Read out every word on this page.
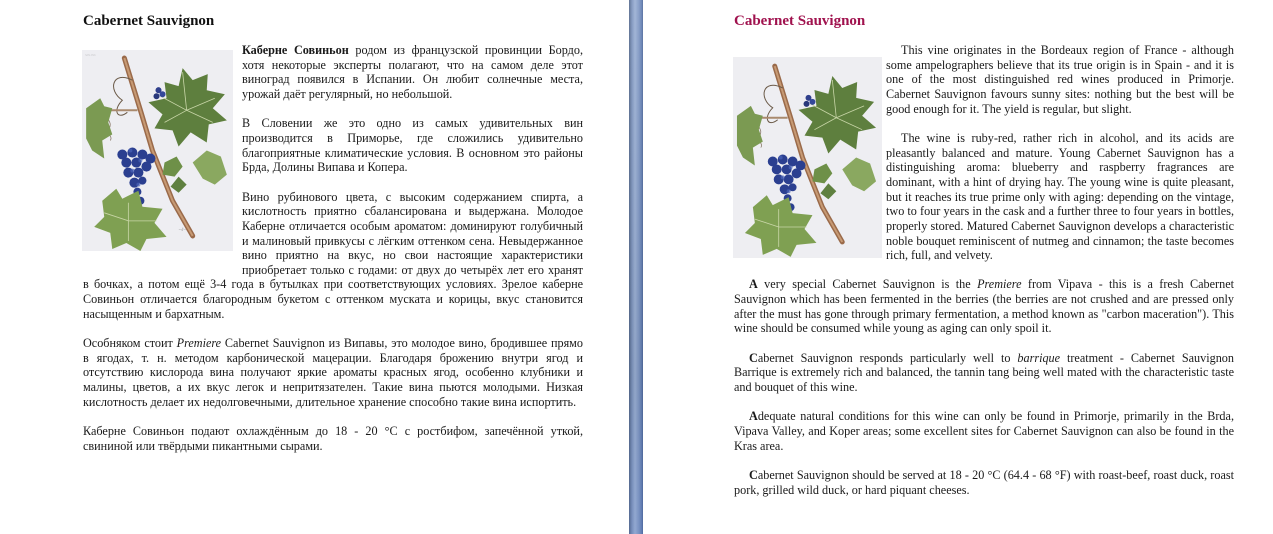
Cabernet Sauvignon
~~~ ~~~
~ℓ~

Каберне Совиньон родом из французской провинции Бордо, хотя некоторые эксперты полагают, что на самом деле этот виноград появился в Испании. Он любит солнечные места, урожай даёт регулярный, но небольшой.

В Словении же это одно из самых удивительных вин производится в Приморье, где сложились удивительно благоприятные климатические условия. В основном это районы Брда, Долины Випава и Копера.

Вино рубинового цвета, с высоким содержанием спирта, а кислотность приятно сбалансирована и выдержана. Молодое Каберне отличается особым ароматом: доминируют голубичный и малиновый привкусы с лёгким оттенком сена. Невыдержанное вино приятно на вкус, но свои настоящие характеристики приобретает только с годами: от двух до четырёх лет его хранят в бочках, а потом ещё 3-4 года в бутылках при соответствующих условиях. Зрелое каберне Совиньон отличается благородным букетом с оттенком муската и корицы, вкус становится насыщенным и бархатным.

Особняком стоит Premiere Cabernet Sauvignon из Випавы, это молодое вино, бродившее прямо в ягодах, т. н. методом карбонической мацерации. Благодаря брожению внутри ягод и отсутствию кислорода вина получают яркие ароматы красных ягод, особенно клубники и малины, цветов, а их вкус легок и непритязателен. Такие вина пьются молодыми. Низкая кислотность делает их недолговечными, длительное хранение способно такие вина испортить.

Каберне Совиньон подают охлаждённым до 18 - 20 °C с ростбифом, запечённой уткой, свининой или твёрдыми пикантными сырами.

Cabernet Sauvignon

This vine originates in the Bordeaux region of France - although some ampelographers believe that its true origin is in Spain - and it is one of the most distinguished red wines produced in Primorje. Cabernet Sauvignon favours sunny sites: nothing but the best will be good enough for it. The yield is regular, but slight.

The wine is ruby-red, rather rich in alcohol, and its acids are pleasantly balanced and mature. Young Cabernet Sauvignon has a distinguishing aroma: blueberry and raspberry fragrances are dominant, with a hint of drying hay. The young wine is quite pleasant, but it reaches its true prime only with aging: depending on the vintage, two to four years in the cask and a further three to four years in bottles, properly stored. Matured Cabernet Sauvignon develops a characteristic noble bouquet reminiscent of nutmeg and cinnamon; the taste becomes rich, full, and velvety.

A very special Cabernet Sauvignon is the Premiere from Vipava - this is a fresh Cabernet Sauvignon which has been fermented in the berries (the berries are not crushed and are pressed only after the must has gone through primary fermentation, a method known as "carbon maceration"). This wine should be consumed while young as aging can only spoil it.

Cabernet Sauvignon responds particularly well to barrique treatment - Cabernet Sauvignon Barrique is extremely rich and balanced, the tannin tang being well mated with the characteristic taste and bouquet of this wine.

Adequate natural conditions for this wine can only be found in Primorje, primarily in the Brda, Vipava Valley, and Koper areas; some excellent sites for Cabernet Sauvignon can also be found in the Kras area.

Cabernet Sauvignon should be served at 18 - 20 °C (64.4 - 68 °F) with roast-beef, roast duck, roast pork, grilled wild duck, or hard piquant cheeses.
